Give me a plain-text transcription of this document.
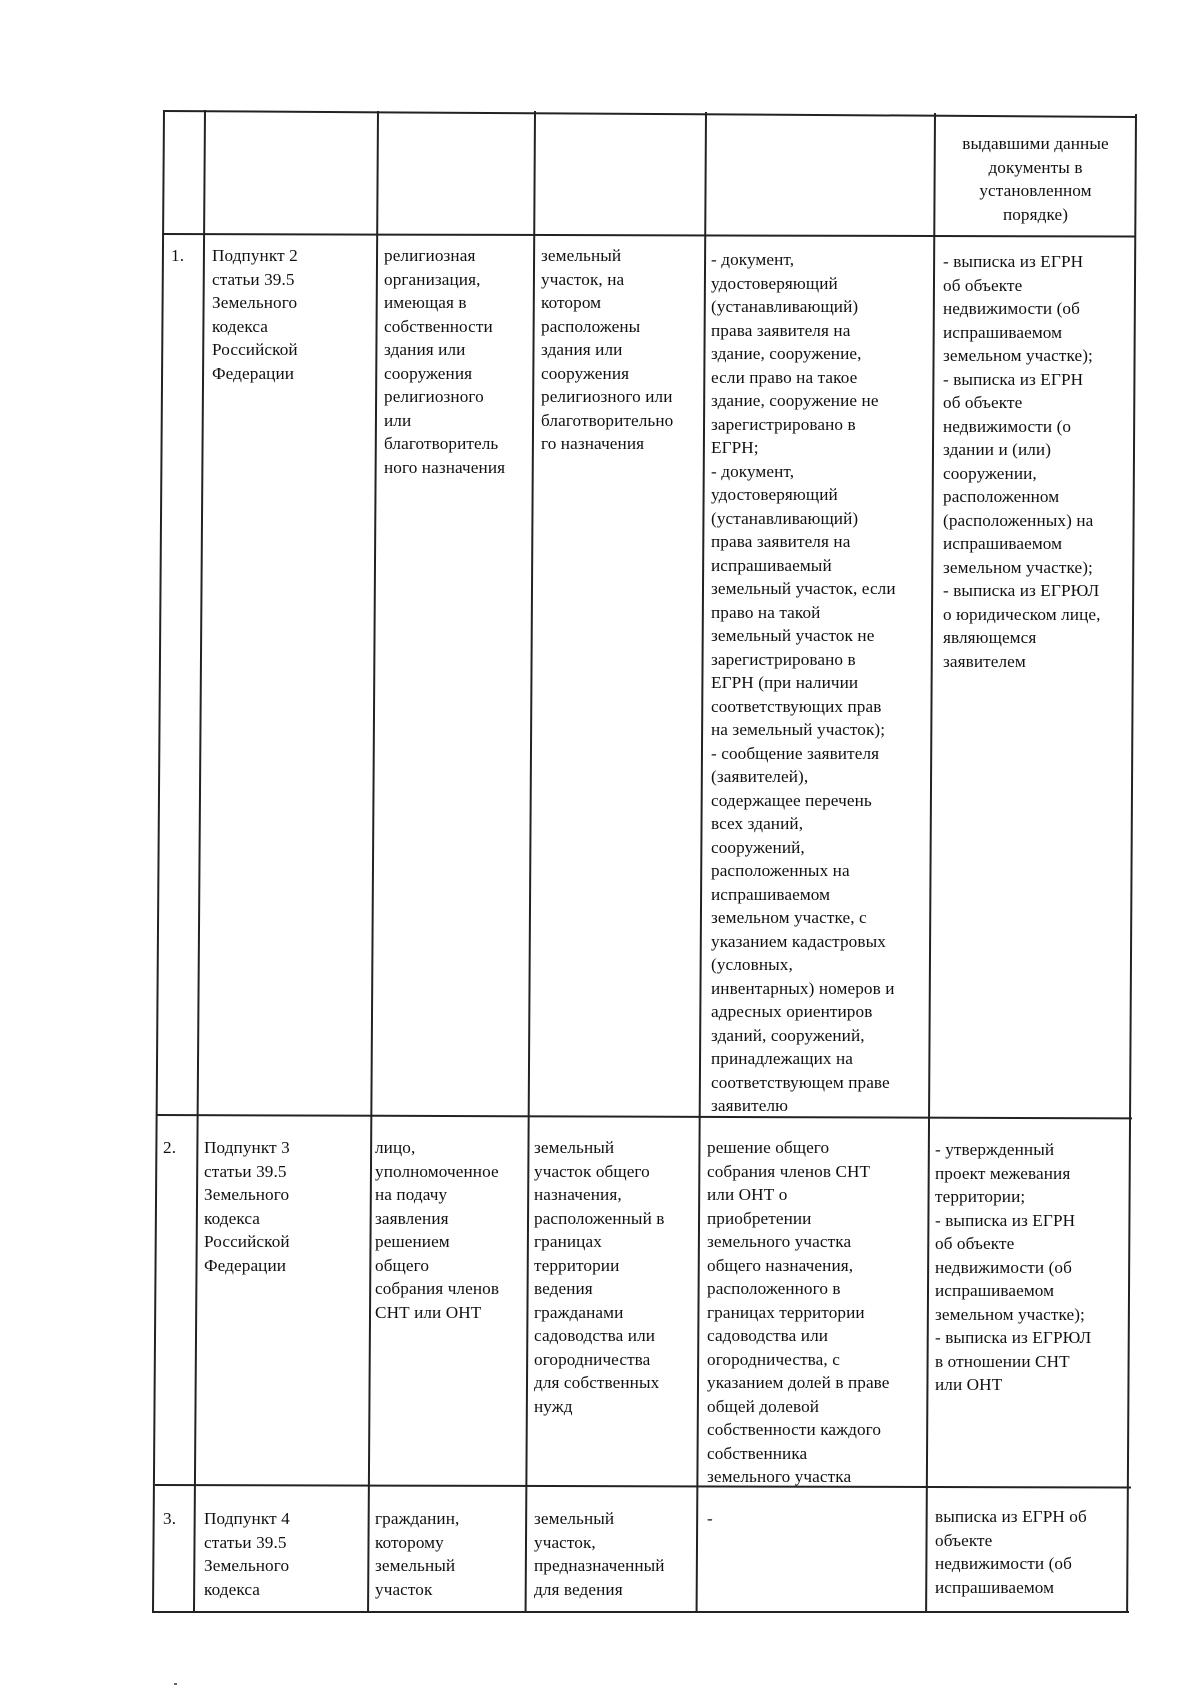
выдавшими данные
документы в
установленном
порядке)
1. Подпункт 2
статьи 39.5
Земельного
кодекса
Российской
Федерации
религиозная
организация,
имеющая в
собственности
здания или
сооружения
религиозного
или
благотворитель
ного назначения
земельный
участок, на
котором
расположены
здания или
сооружения
религиозного или
благотворительно
го назначения
- документ,
удостоверяющий
(устанавливающий)
права заявителя на
здание, сооружение,
если право на такое
здание, сооружение не
зарегистрировано в
ЕГРН;
- документ,
удостоверяющий
(устанавливающий)
права заявителя на
испрашиваемый
земельный участок, если
право на такой
земельный участок не
зарегистрировано в
ЕГРН (при наличии
соответствующих прав
на земельный участок);
- сообщение заявителя
(заявителей),
содержащее перечень
всех зданий,
сооружений,
расположенных на
испрашиваемом
земельном участке, с
указанием кадастровых
(условных,
инвентарных) номеров и
адресных ориентиров
зданий, сооружений,
принадлежащих на
соответствующем праве
заявителю
- выписка из ЕГРН
об объекте
недвижимости (об
испрашиваемом
земельном участке);
- выписка из ЕГРН
об объекте
недвижимости (о
здании и (или)
сооружении,
расположенном
(расположенных) на
испрашиваемом
земельном участке);
- выписка из ЕГРЮЛ
о юридическом лице,
являющемся
заявителем
2. Подпункт 3
статьи 39.5
Земельного
кодекса
Российской
Федерации
лицо,
уполномоченное
на подачу
заявления
решением
общего
собрания членов
СНТ или ОНТ
земельный
участок общего
назначения,
расположенный в
границах
территории
ведения
гражданами
садоводства или
огородничества
для собственных
нужд
решение общего
собрания членов СНТ
или ОНТ о
приобретении
земельного участка
общего назначения,
расположенного в
границах территории
садоводства или
огородничества, с
указанием долей в праве
общей долевой
собственности каждого
собственника
земельного участка
- утвержденный
проект межевания
территории;
- выписка из ЕГРН
об объекте
недвижимости (об
испрашиваемом
земельном участке);
- выписка из ЕГРЮЛ
в отношении СНТ
или ОНТ
3. Подпункт 4
статьи 39.5
Земельного
кодекса
гражданин,
которому
земельный
участок
земельный
участок,
предназначенный
для ведения
-	выписка из ЕГРН об
объекте
недвижимости (об
испрашиваемом
